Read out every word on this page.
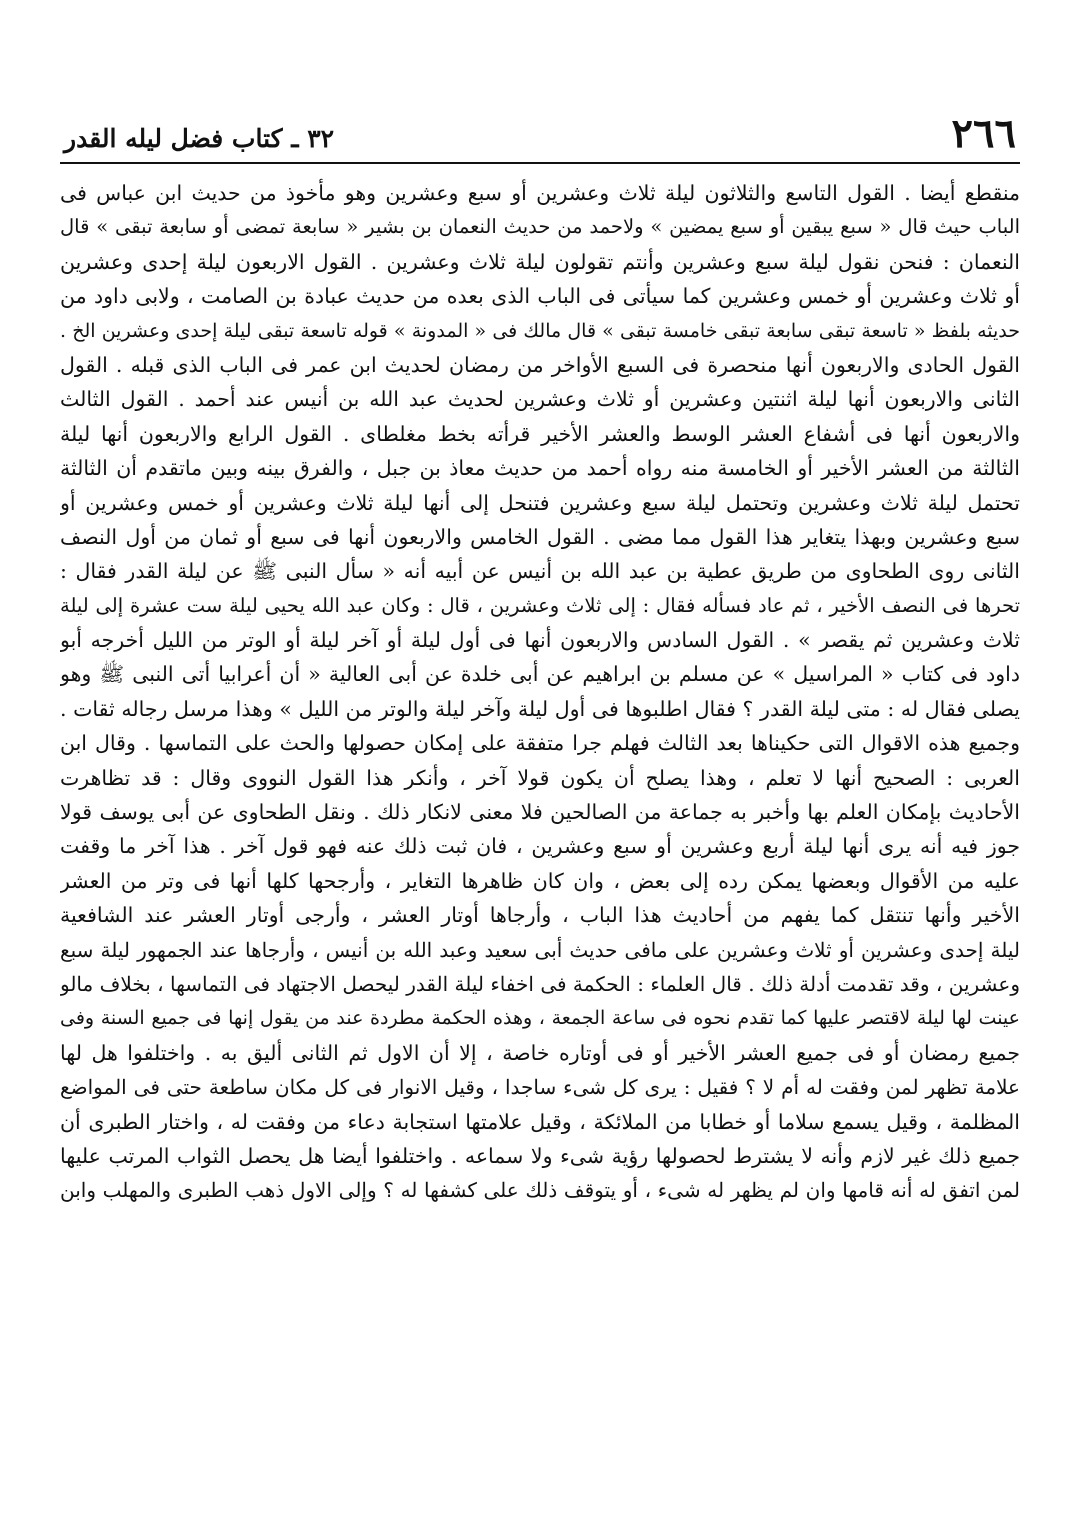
٢٦٦
٣٢ ـ كتاب فضل ليله القدر
منقطع أيضا . القول التاسع والثلاثون ليلة ثلاث وعشرين أو سبع وعشرين وهو مأخوذ من حديث ابن عباس فى
الباب حيث قال « سبع يبقين أو سبع يمضين » ولاحمد من حديث النعمان بن بشير « سابعة تمضى أو سابعة تبقى » قال
النعمان : فنحن نقول ليلة سبع وعشرين وأنتم تقولون ليلة ثلاث وعشرين . القول الاربعون ليلة إحدى وعشرين
أو ثلاث وعشرين أو خمس وعشرين كما سيأتى فى الباب الذى بعده من حديث عبادة بن الصامت ، ولابى داود من
حديثه بلفظ « تاسعة تبقى سابعة تبقى خامسة تبقى » قال مالك فى « المدونة » قوله تاسعة تبقى ليلة إحدى وعشرين الخ .
القول الحادى والاربعون أنها منحصرة فى السبع الأواخر من رمضان لحديث ابن عمر فى الباب الذى قبله . القول
الثانى والاربعون أنها ليلة اثنتين وعشرين أو ثلاث وعشرين لحديث عبد الله بن أنيس عند أحمد . القول الثالث
والاربعون أنها فى أشفاع العشر الوسط والعشر الأخير قرأته بخط مغلطاى . القول الرابع والاربعون أنها ليلة
الثالثة من العشر الأخير أو الخامسة منه رواه أحمد من حديث معاذ بن جبل ، والفرق بينه وبين ماتقدم أن الثالثة
تحتمل ليلة ثلاث وعشرين وتحتمل ليلة سبع وعشرين فتنحل إلى أنها ليلة ثلاث وعشرين أو خمس وعشرين أو
سبع وعشرين وبهذا يتغاير هذا القول مما مضى . القول الخامس والاربعون أنها فى سبع أو ثمان من أول النصف
الثانى روى الطحاوى من طريق عطية بن عبد الله بن أنيس عن أبيه أنه « سأل النبى ﷺ عن ليلة القدر فقال :
تحرها فى النصف الأخير ، ثم عاد فسأله فقال : إلى ثلاث وعشرين ، قال : وكان عبد الله يحيى ليلة ست عشرة إلى ليلة
ثلاث وعشرين ثم يقصر » . القول السادس والاربعون أنها فى أول ليلة أو آخر ليلة أو الوتر من الليل أخرجه أبو
داود فى كتاب « المراسيل » عن مسلم بن ابراهيم عن أبى خلدة عن أبى العالية « أن أعرابيا أتى النبى ﷺ وهو
يصلى فقال له : متى ليلة القدر ؟ فقال اطلبوها فى أول ليلة وآخر ليلة والوتر من الليل » وهذا مرسل رجاله ثقات .
وجميع هذه الاقوال التى حكيناها بعد الثالث فهلم جرا متفقة على إمكان حصولها والحث على التماسها . وقال ابن
العربى : الصحيح أنها لا تعلم ، وهذا يصلح أن يكون قولا آخر ، وأنكر هذا القول النووى وقال : قد تظاهرت
الأحاديث بإمكان العلم بها وأخبر به جماعة من الصالحين فلا معنى لانكار ذلك . ونقل الطحاوى عن أبى يوسف قولا
جوز فيه أنه يرى أنها ليلة أربع وعشرين أو سبع وعشرين ، فان ثبت ذلك عنه فهو قول آخر . هذا آخر ما وقفت
عليه من الأقوال وبعضها يمكن رده إلى بعض ، وان كان ظاهرها التغاير ، وأرجحها كلها أنها فى وتر من العشر
الأخير وأنها تنتقل كما يفهم من أحاديث هذا الباب ، وأرجاها أوتار العشر ، وأرجى أوتار العشر عند الشافعية
ليلة إحدى وعشرين أو ثلاث وعشرين على مافى حديث أبى سعيد وعبد الله بن أنيس ، وأرجاها عند الجمهور ليلة سبع
وعشرين ، وقد تقدمت أدلة ذلك . قال العلماء : الحكمة فى اخفاء ليلة القدر ليحصل الاجتهاد فى التماسها ، بخلاف مالو
عينت لها ليلة لاقتصر عليها كما تقدم نحوه فى ساعة الجمعة ، وهذه الحكمة مطردة عند من يقول إنها فى جميع السنة وفى
جميع رمضان أو فى جميع العشر الأخير أو فى أوتاره خاصة ، إلا أن الاول ثم الثانى أليق به . واختلفوا هل لها
علامة تظهر لمن وفقت له أم لا ؟ فقيل : يرى كل شىء ساجدا ، وقيل الانوار فى كل مكان ساطعة حتى فى المواضع
المظلمة ، وقيل يسمع سلاما أو خطابا من الملائكة ، وقيل علامتها استجابة دعاء من وفقت له ، واختار الطبرى أن
جميع ذلك غير لازم وأنه لا يشترط لحصولها رؤية شىء ولا سماعه . واختلفوا أيضا هل يحصل الثواب المرتب عليها
لمن اتفق له أنه قامها وان لم يظهر له شىء ، أو يتوقف ذلك على كشفها له ؟ وإلى الاول ذهب الطبرى والمهلب وابن
